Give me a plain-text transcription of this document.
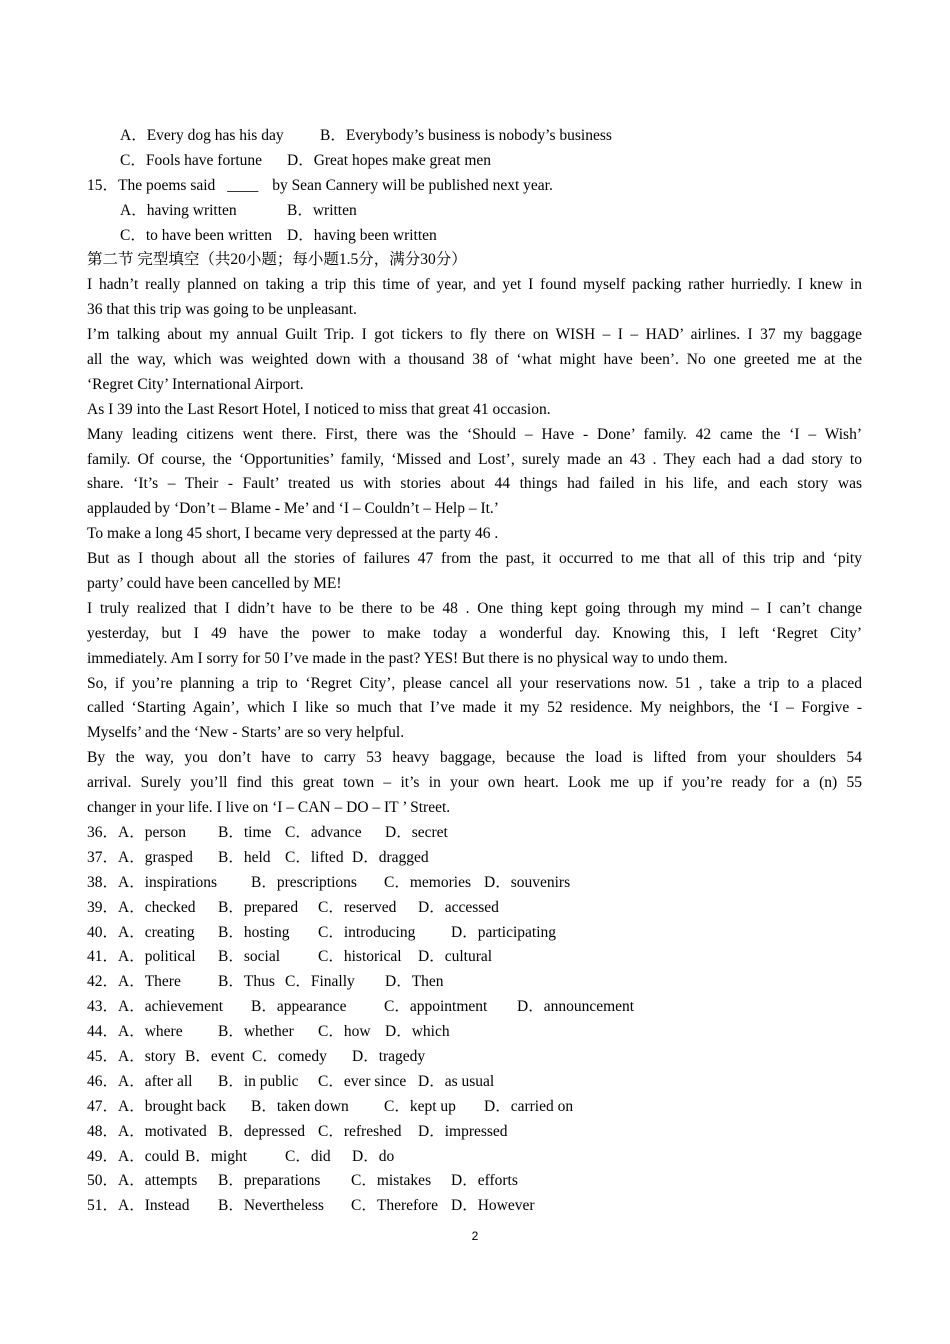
A．Every dog has his day B．Everybody’s business is nobody’s business
C．Fools have fortune D．Great hopes make great men
15．The poems said ____ by Sean Cannery will be published next year.
A．having written	B．written
C．to have been written D．having been written
第二节 完型填空（共20小题；每小题1.5分，满分30分）
I hadn’t really planned on taking a trip this time of year, and yet I found myself packing rather hurriedly. I knew in
36 that this trip was going to be unpleasant.
I’m talking about my annual Guilt Trip. I got tickers to fly there on WISH – I – HAD’ airlines. I 37 my baggage
all the way, which was weighted down with a thousand 38 of ‘what might have been’. No one greeted me at the
‘Regret City’ International Airport.
As I 39 into the Last Resort Hotel, I noticed to miss that great 41 occasion.
Many leading citizens went there. First, there was the ‘Should – Have - Done’ family. 42 came the ‘I – Wish’
family. Of course, the ‘Opportunities’ family, ‘Missed and Lost’, surely made an 43 . They each had a dad story to
share. ‘It’s – Their - Fault’ treated us with stories about 44 things had failed in his life, and each story was
applauded by ‘Don’t – Blame - Me’ and ‘I – Couldn’t – Help – It.’
To make a long 45 short, I became very depressed at the party 46 .
But as I though about all the stories of failures 47 from the past, it occurred to me that all of this trip and ‘pity
party’ could have been cancelled by ME!
I truly realized that I didn’t have to be there to be 48 . One thing kept going through my mind – I can’t change
yesterday, but I 49 have the power to make today a wonderful day. Knowing this, I left ‘Regret City’
immediately. Am I sorry for 50 I’ve made in the past? YES! But there is no physical way to undo them.
So, if you’re planning a trip to ‘Regret City’, please cancel all your reservations now. 51 , take a trip to a placed
called ‘Starting Again’, which I like so much that I’ve made it my 52 residence. My neighbors, the ‘I – Forgive -
Myselfs’ and the ‘New - Starts’ are so very helpful.
By the way, you don’t have to carry 53 heavy baggage, because the load is lifted from your shoulders 54
arrival. Surely you’ll find this great town – it’s in your own heart. Look me up if you’re ready for a (n) 55
changer in your life. I live on ‘I – CAN – DO – IT ’ Street.
36．A．person B．time C．advance D．secret
37．A．grasped B．held C．lifted D．dragged
38．A．inspirations B．prescriptions C．memories D．souvenirs
39．A．checked B．prepared C．reserved D．accessed
40．A．creating B．hosting C．introducing D．participating
41．A．political B．social C．historical D．cultural
42．A．There B．Thus C．Finally D．Then
43．A．achievement B．appearance C．appointment D．announcement
44．A．where B．whether C．how D．which
45．A．story B．event C．comedy D．tragedy
46．A．after all B．in public C．ever since D．as usual
47．A．brought back B．taken down C．kept up D．carried on
48．A．motivated B．depressed C．refreshed D．impressed
49．A．could B．might C．did D．do
50．A．attempts B．preparations C．mistakes D．efforts
51．A．Instead B．Nevertheless C．Therefore D．However
2
